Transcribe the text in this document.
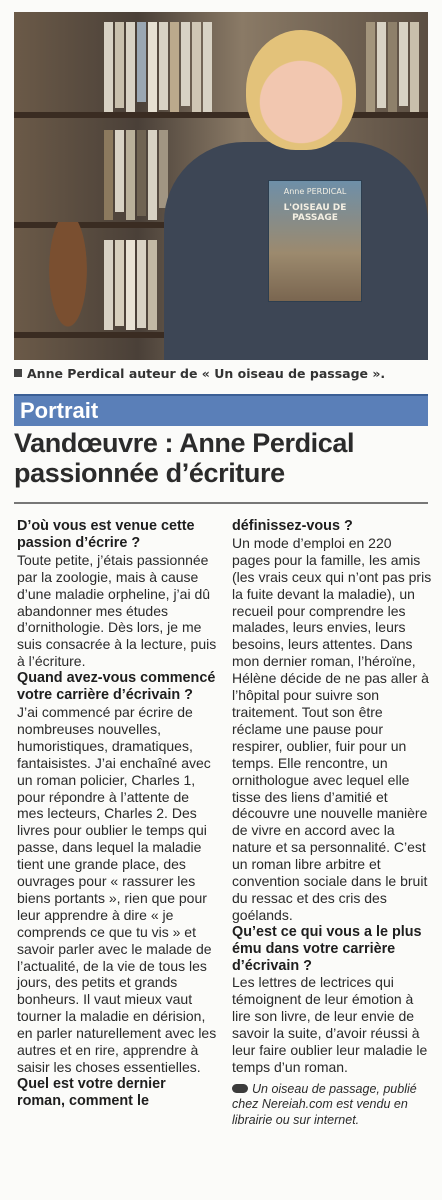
Anne PERDICAL
L'OISEAU DE PASSAGE
Anne Perdical auteur de « Un oiseau de passage ».
Portrait
Vandœuvre : Anne Perdical passionnée d’écriture

D’où vous est venue cette passion d’écrire ?

Toute petite, j’étais passionnée par la zoologie, mais à cause d’une maladie orpheline, j’ai dû abandonner mes études d’ornithologie. Dès lors, je me suis consacrée à la lecture, puis à l’écriture.

Quand avez-vous commencé votre carrière d’écrivain ?

J’ai commencé par écrire de nombreuses nouvelles, humoristiques, dramatiques, fantaisistes. J’ai enchaîné avec un roman policier, Charles 1, pour répondre à l’attente de mes lecteurs, Charles 2. Des livres pour oublier le temps qui passe, dans lequel la maladie tient une grande place, des ouvrages pour « rassurer les biens portants », rien que pour leur apprendre à dire « je comprends ce que tu vis » et savoir parler avec le malade de l’actualité, de la vie de tous les jours, des petits et grands bonheurs. Il vaut mieux vaut tourner la maladie en dérision, en parler naturellement avec les autres et en rire, apprendre à saisir les choses essentielles.

Quel est votre dernier roman, comment le

définissez-vous ?

Un mode d’emploi en 220 pages pour la famille, les amis (les vrais ceux qui n’ont pas pris la fuite devant la maladie), un recueil pour comprendre les malades, leurs envies, leurs besoins, leurs attentes. Dans mon dernier roman, l’héroïne, Hélène décide de ne pas aller à l’hôpital pour suivre son traitement. Tout son être réclame une pause pour respirer, oublier, fuir pour un temps. Elle rencontre, un ornithologue avec lequel elle tisse des liens d’amitié et découvre une nouvelle manière de vivre en accord avec la nature et sa personnalité. C’est un roman libre arbitre et convention sociale dans le bruit du ressac et des cris des goélands.

Qu’est ce qui vous a le plus ému dans votre carrière d’écrivain ?

Les lettres de lectrices qui témoignent de leur émotion à lire son livre, de leur envie de savoir la suite, d’avoir réussi à leur faire oublier leur maladie le temps d’un roman.

Un oiseau de passage, publié chez Nereiah.com est vendu en librairie ou sur internet.
